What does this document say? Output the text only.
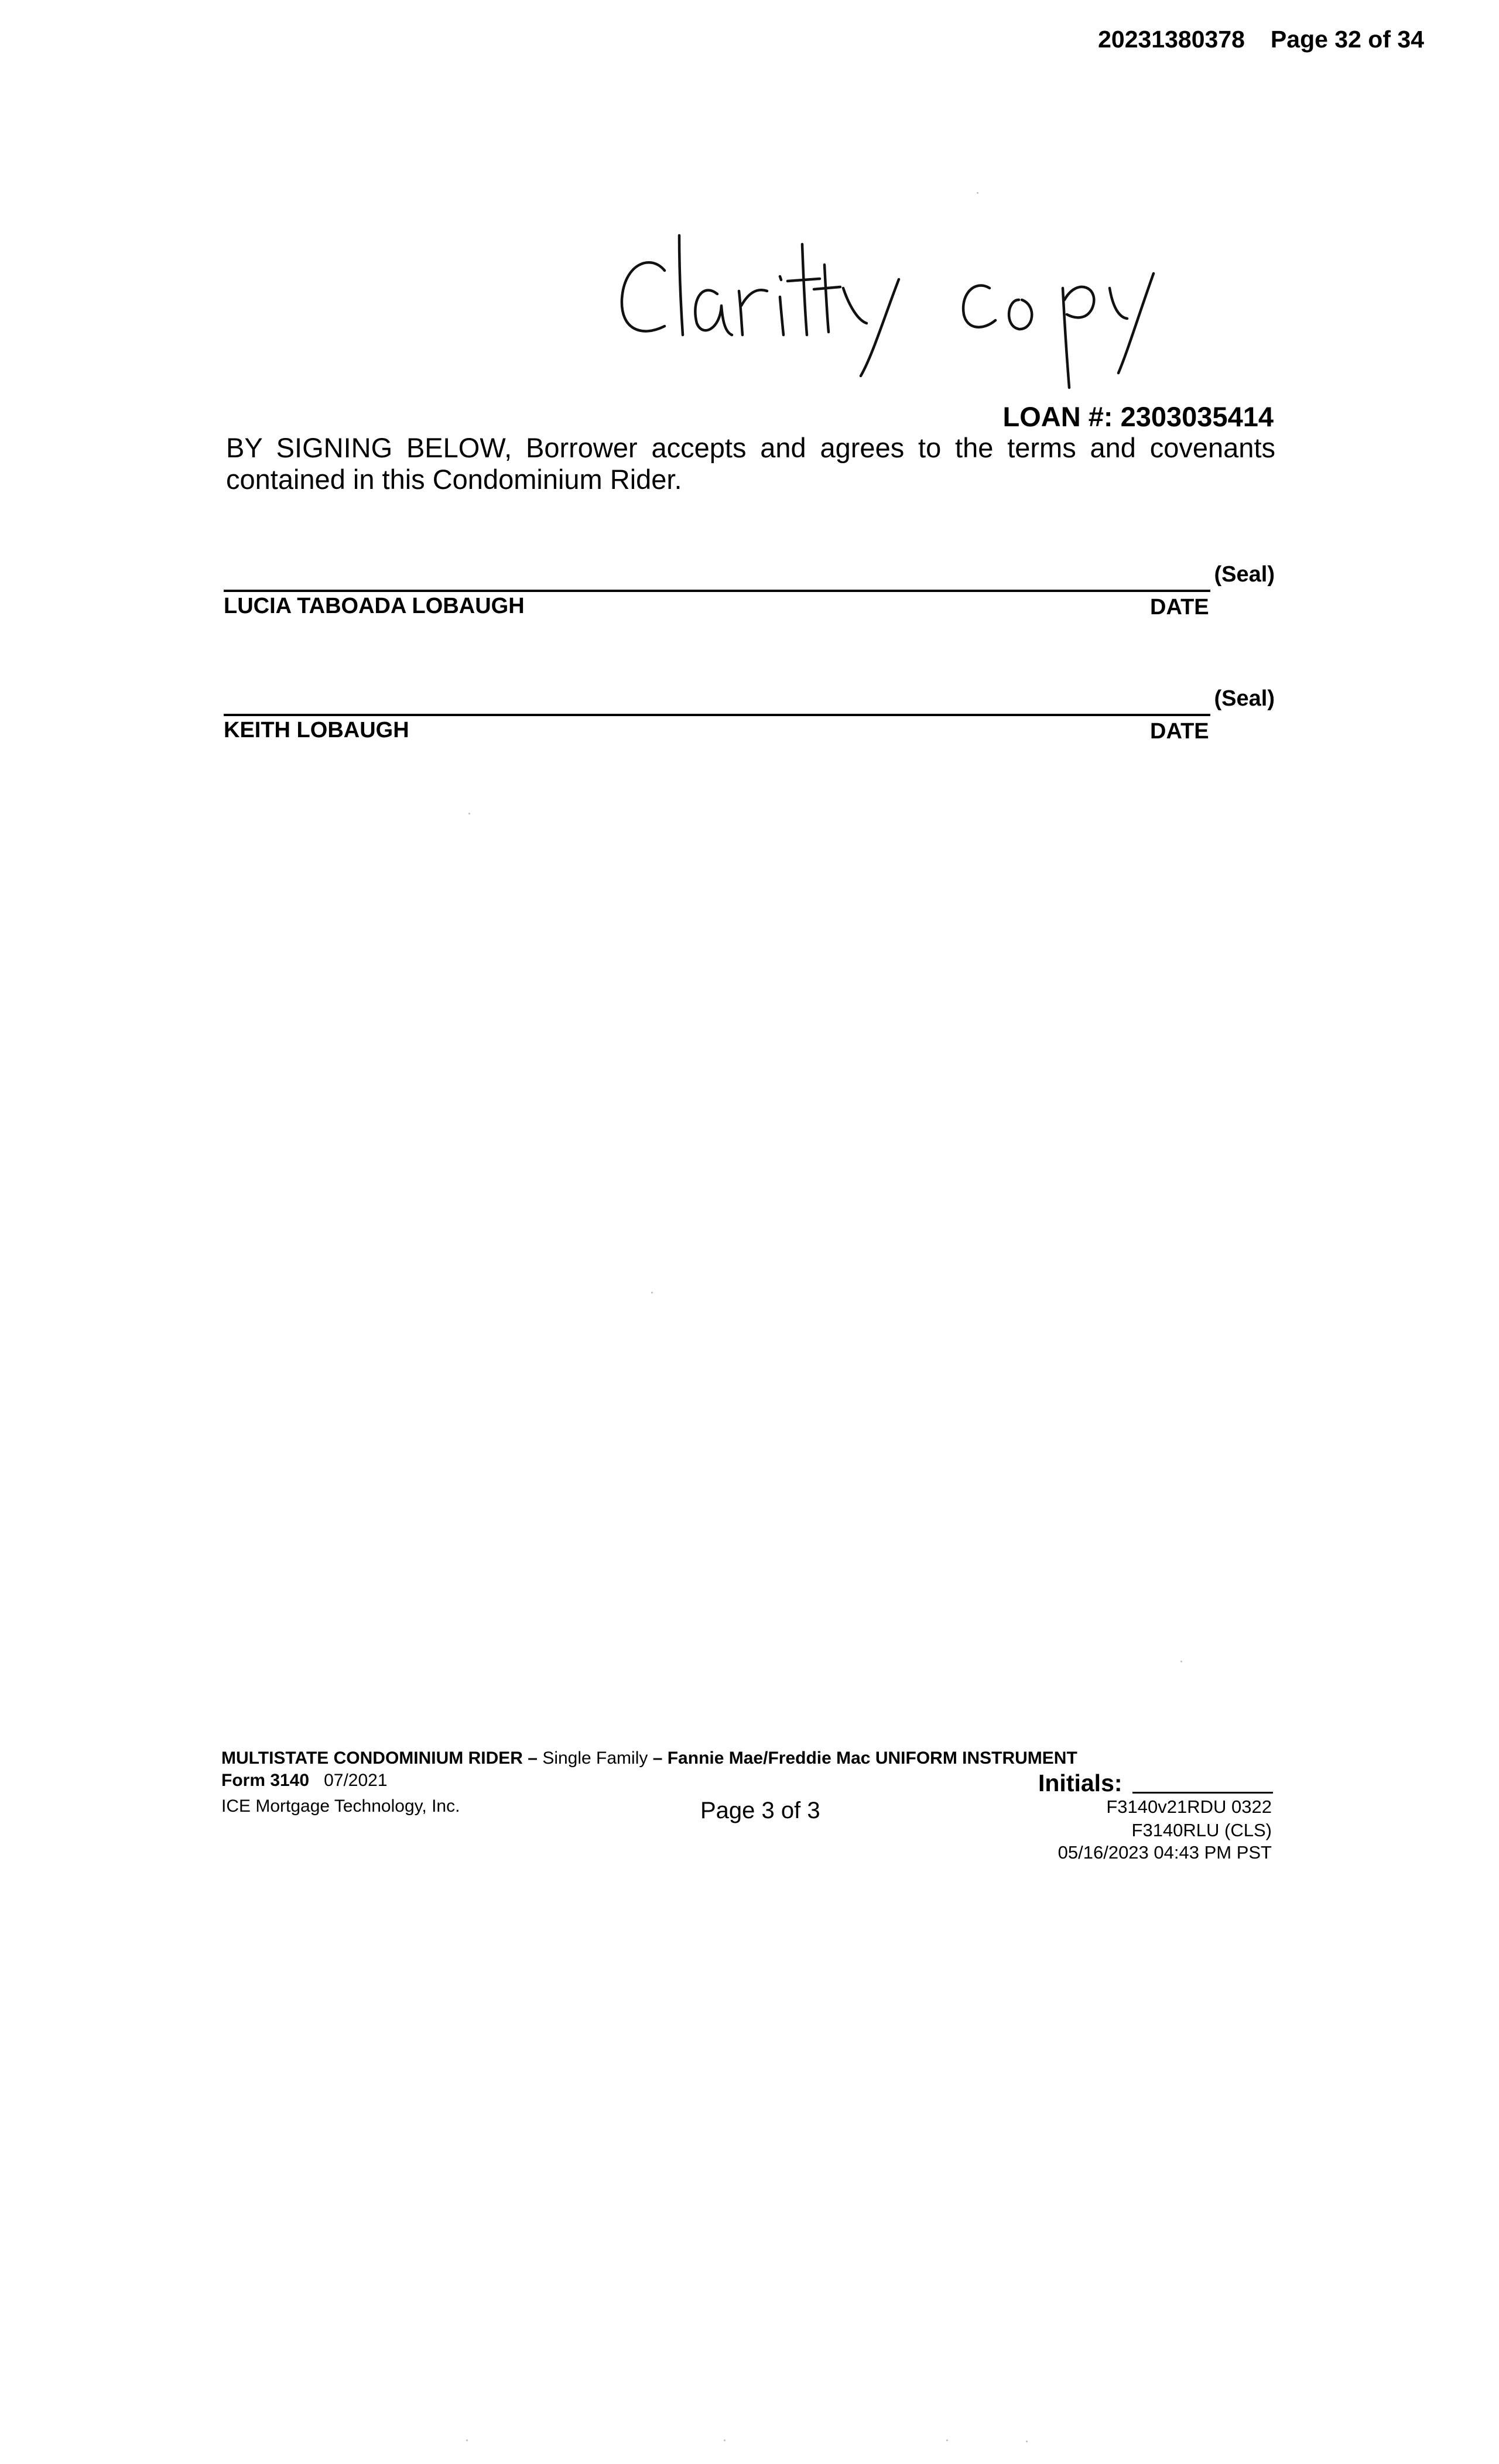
20231380378 Page 32 of 34
LOAN #: 2303035414
BY SIGNING BELOW, Borrower accepts and agrees to the terms and covenants contained in this Condominium Rider.
(Seal)
LUCIA TABOADA LOBAUGH	DATE
(Seal)
KEITH LOBAUGH	DATE
MULTISTATE CONDOMINIUM RIDER – Single Family – Fannie Mae/Freddie Mac UNIFORM INSTRUMENT
Form 3140 07/2021
ICE Mortgage Technology, Inc.	Page 3 of 3
Initials:
F3140v21RDU 0322
F3140RLU (CLS)
05/16/2023 04:43 PM PST
